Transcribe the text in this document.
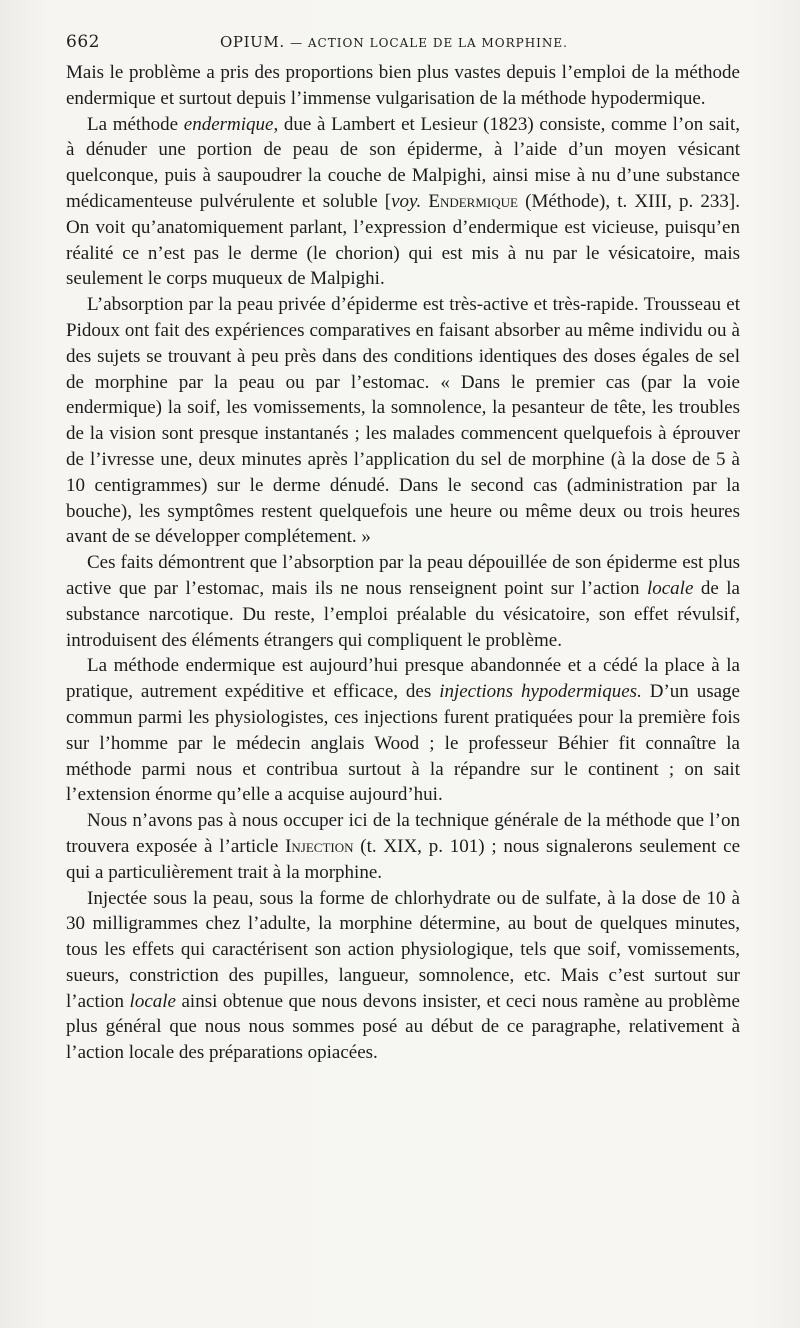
662	OPIUM. — ACTION LOCALE DE LA MORPHINE.

Mais le problème a pris des proportions bien plus vastes depuis l’emploi de la méthode endermique et surtout depuis l’immense vulgarisation de la méthode hypodermique.

La méthode endermique, due à Lambert et Lesieur (1823) consiste, comme l’on sait, à dénuder une portion de peau de son épiderme, à l’aide d’un moyen vésicant quelconque, puis à saupoudrer la couche de Malpighi, ainsi mise à nu d’une substance médicamenteuse pulvérulente et soluble [voy. Endermique (Méthode), t. XIII, p. 233]. On voit qu’anatomiquement parlant, l’expression d’endermique est vicieuse, puisqu’en réalité ce n’est pas le derme (le chorion) qui est mis à nu par le vésicatoire, mais seulement le corps muqueux de Malpighi.

L’absorption par la peau privée d’épiderme est très-active et très-rapide. Trousseau et Pidoux ont fait des expériences comparatives en faisant absorber au même individu ou à des sujets se trouvant à peu près dans des conditions identiques des doses égales de sel de morphine par la peau ou par l’estomac. « Dans le premier cas (par la voie endermique) la soif, les vomissements, la somnolence, la pesanteur de tête, les troubles de la vision sont presque instantanés ; les malades commencent quelquefois à éprouver de l’ivresse une, deux minutes après l’application du sel de morphine (à la dose de 5 à 10 centigrammes) sur le derme dénudé. Dans le second cas (administration par la bouche), les symptômes restent quelquefois une heure ou même deux ou trois heures avant de se développer complétement. »

Ces faits démontrent que l’absorption par la peau dépouillée de son épiderme est plus active que par l’estomac, mais ils ne nous renseignent point sur l’action locale de la substance narcotique. Du reste, l’emploi préalable du vésicatoire, son effet révulsif, introduisent des éléments étrangers qui compliquent le problème.

La méthode endermique est aujourd’hui presque abandonnée et a cédé la place à la pratique, autrement expéditive et efficace, des injections hypodermiques. D’un usage commun parmi les physiologistes, ces injections furent pratiquées pour la première fois sur l’homme par le médecin anglais Wood ; le professeur Béhier fit connaître la méthode parmi nous et contribua surtout à la répandre sur le continent ; on sait l’extension énorme qu’elle a acquise aujourd’hui.

Nous n’avons pas à nous occuper ici de la technique générale de la méthode que l’on trouvera exposée à l’article Injection (t. XIX, p. 101) ; nous signalerons seulement ce qui a particulièrement trait à la morphine.

Injectée sous la peau, sous la forme de chlorhydrate ou de sulfate, à la dose de 10 à 30 milligrammes chez l’adulte, la morphine détermine, au bout de quelques minutes, tous les effets qui caractérisent son action physiologique, tels que soif, vomissements, sueurs, constriction des pupilles, langueur, somnolence, etc. Mais c’est surtout sur l’action locale ainsi obtenue que nous devons insister, et ceci nous ramène au problème plus général que nous nous sommes posé au début de ce paragraphe, relativement à l’action locale des préparations opiacées.
